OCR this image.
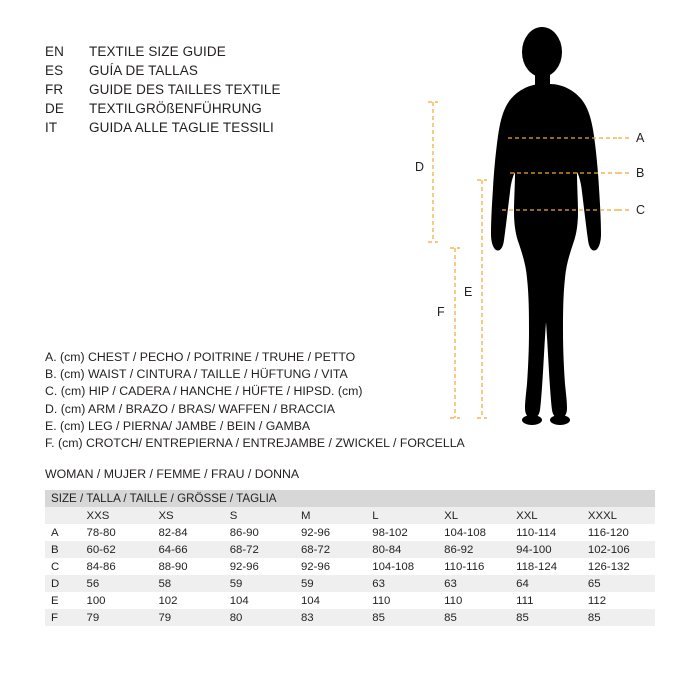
EN	TEXTILE SIZE GUIDE
ES	GUÍA DE TALLAS
FR	GUIDE DES TAILLES TEXTILE
DE	TEXTILGRÖßENFÜHRUNG
IT	GUIDA ALLE TAGLIE TESSILI
A
B
C
D
E
F
A. (cm) CHEST / PECHO / POITRINE / TRUHE / PETTO
B. (cm) WAIST / CINTURA / TAILLE / HÜFTUNG / VITA
C. (cm) HIP / CADERA / HANCHE / HÜFTE / HIPSD. (cm)
D. (cm) ARM / BRAZO / BRAS/ WAFFEN / BRACCIA
E. (cm) LEG / PIERNA/ JAMBE / BEIN / GAMBA
F. (cm) CROTCH/ ENTREPIERNA / ENTREJAMBE / ZWICKEL / FORCELLA
WOMAN / MUJER / FEMME / FRAU / DONNA
SIZE / TALLA / TAILLE / GRÖSSE / TAGLIA								
	XXS	XS	S	M	L	XL	XXL	XXXL
A	78-80	82-84	86-90	92-96	98-102	104-108	110-114	116-120
B	60-62	64-66	68-72	68-72	80-84	86-92	94-100	102-106
C	84-86	88-90	92-96	92-96	104-108	110-116	118-124	126-132
D	56	58	59	59	63	63	64	65
E	100	102	104	104	110	110	111	112
F	79	79	80	83	85	85	85	85
